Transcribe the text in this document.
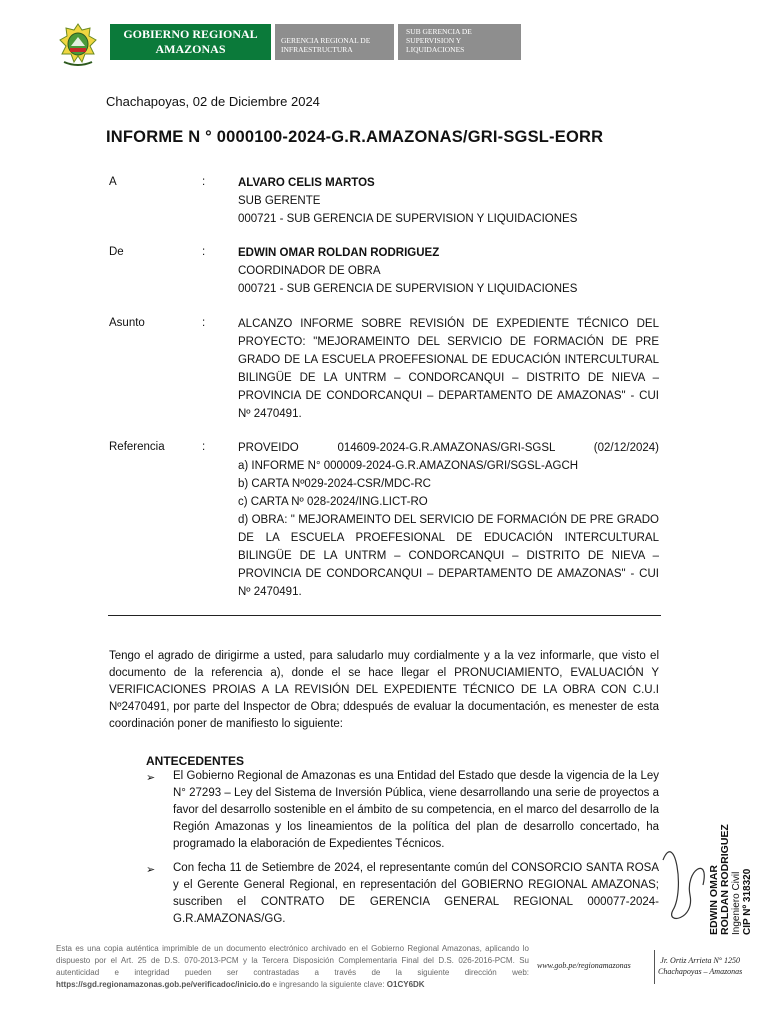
GOBIERNO REGIONAL
AMAZONAS
GERENCIA REGIONAL DE
INFRAESTRUCTURA
SUB GERENCIA DE
SUPERVISION Y
LIQUIDACIONES
Chachapoyas, 02 de Diciembre 2024
INFORME N ° 0000100-2024-G.R.AMAZONAS/GRI-SGSL-EORR
A	:	ALVARO CELIS MARTOS
SUB GERENTE
000721 - SUB GERENCIA DE SUPERVISION Y LIQUIDACIONES
De	:	EDWIN OMAR ROLDAN RODRIGUEZ
COORDINADOR DE OBRA
000721 - SUB GERENCIA DE SUPERVISION Y LIQUIDACIONES
Asunto	:	ALCANZO INFORME SOBRE REVISIÓN DE EXPEDIENTE TÉCNICO DEL PROYECTO: "MEJORAMEINTO DEL SERVICIO DE FORMACIÓN DE PRE GRADO DE LA ESCUELA PROEFESIONAL DE EDUCACIÓN INTERCULTURAL BILINGÜE DE LA UNTRM – CONDORCANQUI – DISTRITO DE NIEVA – PROVINCIA DE CONDORCANQUI – DEPARTAMENTO DE AMAZONAS" - CUI Nº 2470491.
Referencia	:	PROVEIDO 014609-2024-G.R.AMAZONAS/GRI-SGSL (02/12/2024)
a) INFORME N° 000009-2024-G.R.AMAZONAS/GRI/SGSL-AGCH
b) CARTA Nº029-2024-CSR/MDC-RC
c) CARTA Nº 028-2024/ING.LICT-RO
d) OBRA: " MEJORAMEINTO DEL SERVICIO DE FORMACIÓN DE PRE GRADO DE LA ESCUELA PROEFESIONAL DE EDUCACIÓN INTERCULTURAL BILINGÜE DE LA UNTRM – CONDORCANQUI – DISTRITO DE NIEVA – PROVINCIA DE CONDORCANQUI – DEPARTAMENTO DE AMAZONAS" - CUI Nº 2470491.
Tengo el agrado de dirigirme a usted, para saludarlo muy cordialmente y a la vez informarle, que visto el documento de la referencia a), donde el se hace llegar el PRONUCIAMIENTO, EVALUACIÓN Y VERIFICACIONES PROIAS A LA REVISIÓN DEL EXPEDIENTE TÉCNICO DE LA OBRA CON C.U.I Nº2470491, por parte del Inspector de Obra; ddespués de evaluar la documentación, es menester de esta coordinación poner de manifiesto lo siguiente:
ANTECEDENTES
➢ El Gobierno Regional de Amazonas es una Entidad del Estado que desde la vigencia de la Ley N° 27293 – Ley del Sistema de Inversión Pública, viene desarrollando una serie de proyectos a favor del desarrollo sostenible en el ámbito de su competencia, en el marco del desarrollo de la Región Amazonas y los lineamientos de la política del plan de desarrollo concertado, ha programado la elaboración de Expedientes Técnicos.
➢ Con fecha 11 de Setiembre de 2024, el representante común del CONSORCIO SANTA ROSA y el Gerente General Regional, en representación del GOBIERNO REGIONAL AMAZONAS; suscriben el CONTRATO DE GERENCIA GENERAL REGIONAL 000077-2024-G.R.AMAZONAS/GG.	EDWIN OMAR ROLDAN RODRIGUEZ Ingeniero Civil CIP Nº 318320
Esta es una copia auténtica imprimible de un documento electrónico archivado en el Gobierno Regional Amazonas, aplicando lo dispuesto por el Art. 25 de D.S. 070-2013-PCM y la Tercera Disposición Complementaria Final del D.S. 026-2016-PCM. Su autenticidad e integridad pueden ser contrastadas a través de la siguiente dirección web: https://sgd.regionamazonas.gob.pe/verificadoc/inicio.do e ingresando la siguiente clave: O1CY6DK
www.gob.pe/regionamazonas
Jr. Ortiz Arrieta N° 1250
Chachapoyas – Amazonas
